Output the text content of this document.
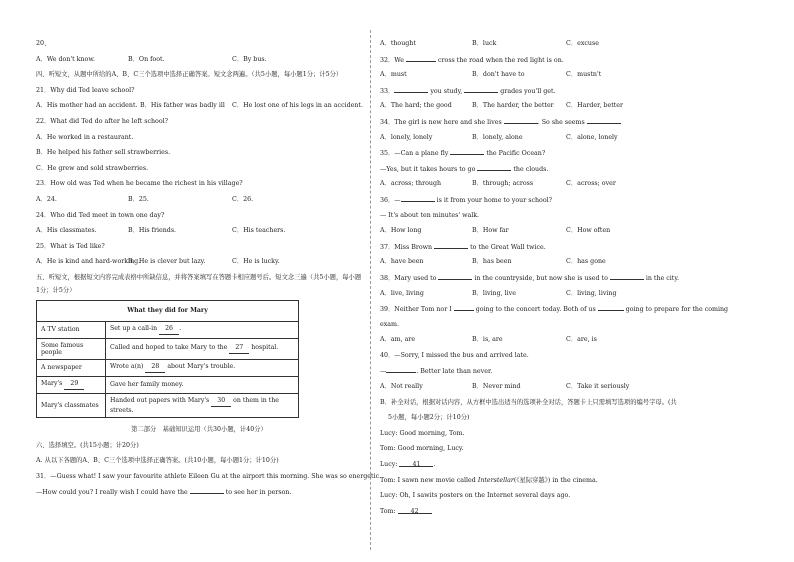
20、
A．We don't know.	B．On foot.	C．By bus.
四、听短文，从题中所给的A、B、C三个选项中选择正确答案。短文念两遍。（共5小题，每小题1分；计5分）
21．Why did Ted leave school?
A．His mother had an accident. B．His father was badly ill C．He lost one of his legs in an accident.
22．What did Ted do after he left school?
A．He worked in a restaurant.
B．He helped his father sell strawberries.
C．He grew and sold strawberries.
23．How old was Ted when he became the richest in his village?
A．24.	B．25.	C．26.
24．Who did Ted meet in town one day?
A．His classmates.	B．His friends.	C．His teachers.
25．What is Ted like?
A．He is kind and hard-working.
B．He is clever but lazy.	C．He is lucky.
五、听短文，根据短文内容完成表格中所缺信息，并将答案填写在答题卡相应题号后。短文念三遍（共5小题，每小题1分；计5分）
What they did for Mary	
A TV station	Set up a call-in 26 .
Some famous people	Called and hoped to take Mary to the 27 hospital.
A newspaper	Wrote a(n) 28 about Mary's trouble.
Mary's 29	Gave her family money.
Mary's classmates	Handed out papers with Mary's 30 on them in the streets.
第二部分　基础知识运用（共30小题，计40分）
六、选择填空。(共15小题；计20分)
A. 从以下各题的A、B、C三个选项中选择正确答案。(共10小题，每小题1分；计10分)
31．—Guess what! I saw your favourite athlete Eileen Gu at the airport this morning. She was so energetic.
—How could you? I really wish I could have the	to see her in person.
A．thought	B．luck	C．excuse
32．We	cross the road when the red light is on.
A．must	B．don't have to	C．mustn't
33．	you study,	grades you'll get.
A．The hard; the good	B．The harder, the better C．Harder, better
34．The girl is new here and she lives	. So she seems
A．lonely, lonely	B．lonely, alone	C．alone, lonely
35．—Can a plane fly	the Pacific Ocean?
—Yes, but it takes hours to go	the clouds.
A．across; through	B．through; across	C．across; over
36．—	is it from your home to your school?
— It's about ten minutes' walk.
A．How long	B．How far	C．How often
37．Miss Brown	to the Great Wall twice.
A．have been	B．has been	C．has gone
38．Mary used to	in the countryside, but now she is used to	in the city.
A．live, living	B．living, live	C．living, living
39．Neither Tom nor I	going to the concert today. Both of us	going to prepare for the coming
exam.
A．am, are	B．is, are	C．are, is
40．—Sorry, I missed the bus and arrived late.
—	. Better late than never.
A．Not really	B．Never mind	C．Take it seriously
B．补全对话，根据对话内容，从方框中选出适当的选项补全对话，答题卡上只需填写选项的编号字母。(共
5小题，每小题2分；计10分)
Lucy: Good morning, Tom.
Tom: Good morning, Lucy.
Lucy: 41 .
Tom: I sawn new movie called Interstellar(《星际穿越》) in the cinema.
Lucy: Oh, I sawits posters on the Internet several days ago.
Tom: 42
